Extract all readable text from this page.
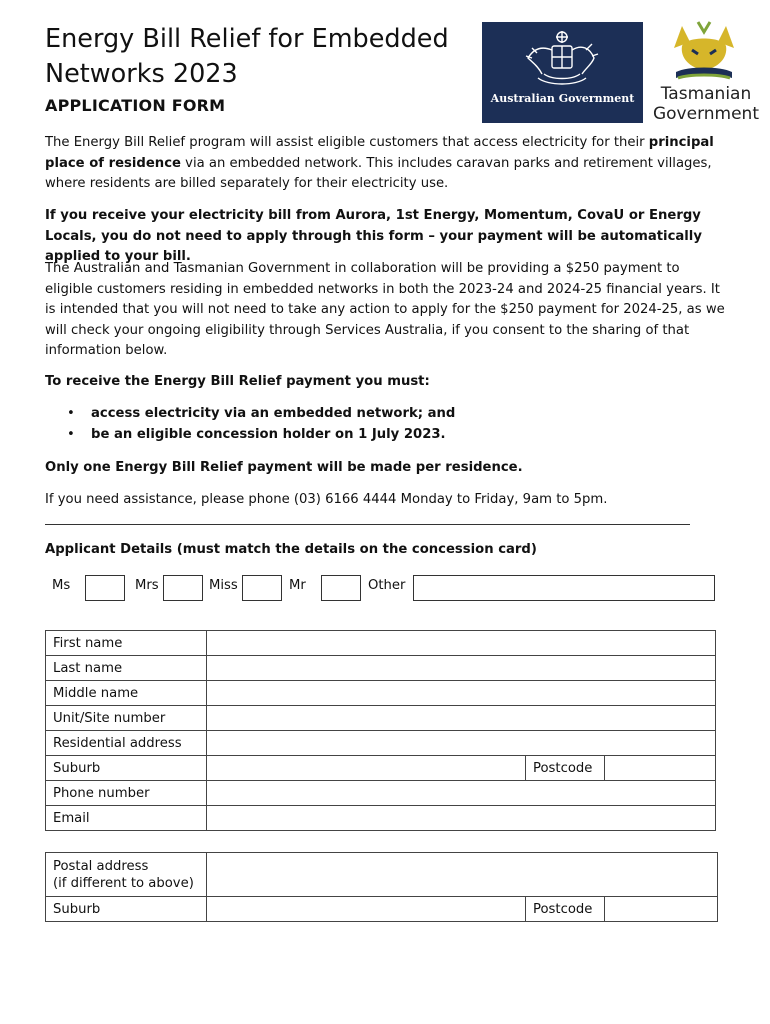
Energy Bill Relief for Embedded Networks 2023
APPLICATION FORM	Australian Government	Tasmanian
Government

The Energy Bill Relief program will assist eligible customers that access electricity for their principal place of residence via an embedded network. This includes caravan parks and retirement villages, where residents are billed separately for their electricity use.

If you receive your electricity bill from Aurora, 1st Energy, Momentum, CovaU or Energy Locals, you do not need to apply through this form – your payment will be automatically applied to your bill.

The Australian and Tasmanian Government in collaboration will be providing a $250 payment to eligible customers residing in embedded networks in both the 2023-24 and 2024-25 financial years. It is intended that you will not need to take any action to apply for the $250 payment for 2024-25, as we will check your ongoing eligibility through Services Australia, if you consent to the sharing of that information below.

To receive the Energy Bill Relief payment you must:

• access electricity via an embedded network; and
• be an eligible concession holder on 1 July 2023.

Only one Energy Bill Relief payment will be made per residence.

If you need assistance, please phone (03) 6166 4444 Monday to Friday, 9am to 5pm.

Applicant Details (must match the details on the concession card)

Ms	Mrs	Miss	Mr	Other
First name			
Last name			
Middle name			
Unit/Site number			
Residential address			
Suburb		Postcode	
Phone number			
Email			
Postal address
(if different to above)			
Suburb		Postcode	
